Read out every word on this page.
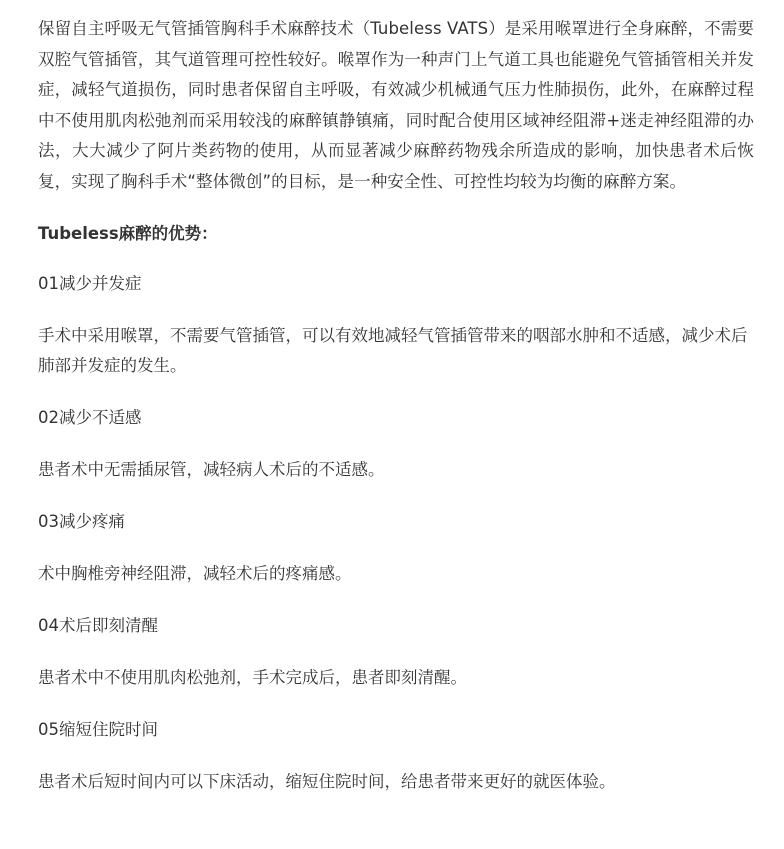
保留自主呼吸无气管插管胸科手术麻醉技术（Tubeless VATS）是采用喉罩进行全身麻醉，不需要双腔气管插管，其气道管理可控性较好。喉罩作为一种声门上气道工具也能避免气管插管相关并发症，减轻气道损伤，同时患者保留自主呼吸，有效减少机械通气压力性肺损伤，此外，在麻醉过程中不使用肌肉松弛剂而采用较浅的麻醉镇静镇痛，同时配合使用区域神经阻滞+迷走神经阻滞的办法，大大减少了阿片类药物的使用，从而显著减少麻醉药物残余所造成的影响，加快患者术后恢复，实现了胸科手术“整体微创”的目标，是一种安全性、可控性均较为均衡的麻醉方案。

Tubeless麻醉的优势：

01减少并发症

手术中采用喉罩，不需要气管插管，可以有效地减轻气管插管带来的咽部水肿和不适感，减少术后肺部并发症的发生。

02减少不适感

患者术中无需插尿管，减轻病人术后的不适感。

03减少疼痛

术中胸椎旁神经阻滞，减轻术后的疼痛感。

04术后即刻清醒

患者术中不使用肌肉松弛剂，手术完成后，患者即刻清醒。

05缩短住院时间

患者术后短时间内可以下床活动，缩短住院时间，给患者带来更好的就医体验。
